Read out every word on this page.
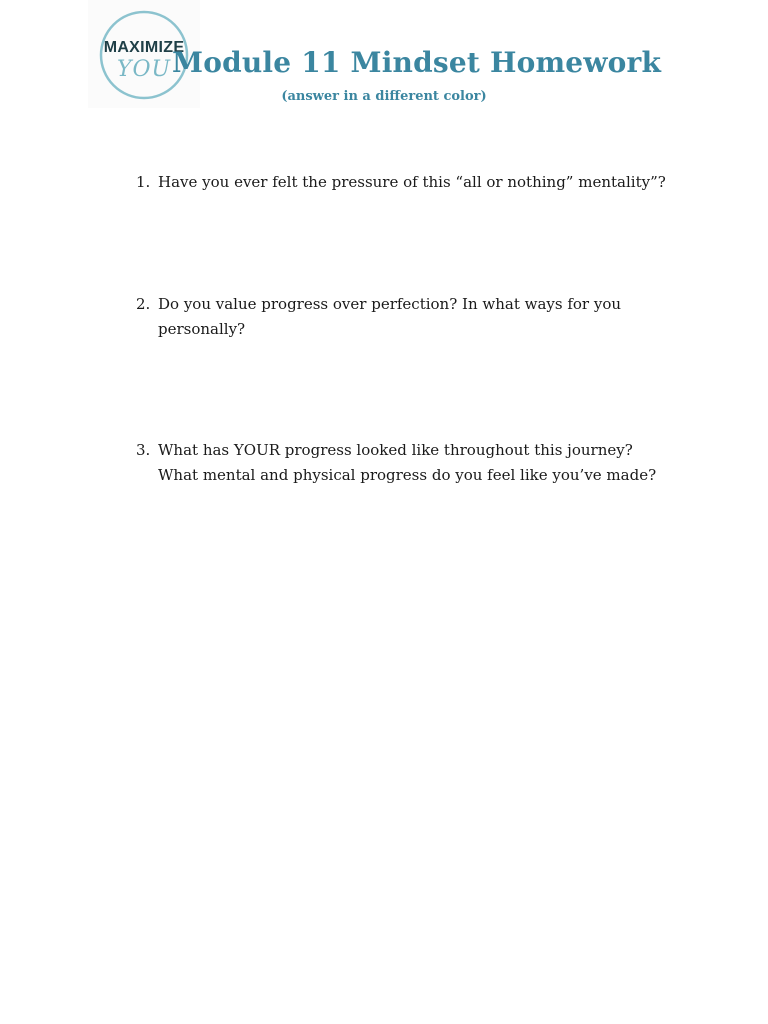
MAXIMIZE
YOU Module 11 Mindset Homework
(answer in a different color)
1. Have you ever felt the pressure of this “all or nothing” mentality”?
2. Do you value progress over perfection? In what ways for you personally?
3. What has YOUR progress looked like throughout this journey? What mental and physical progress do you feel like you’ve made?
